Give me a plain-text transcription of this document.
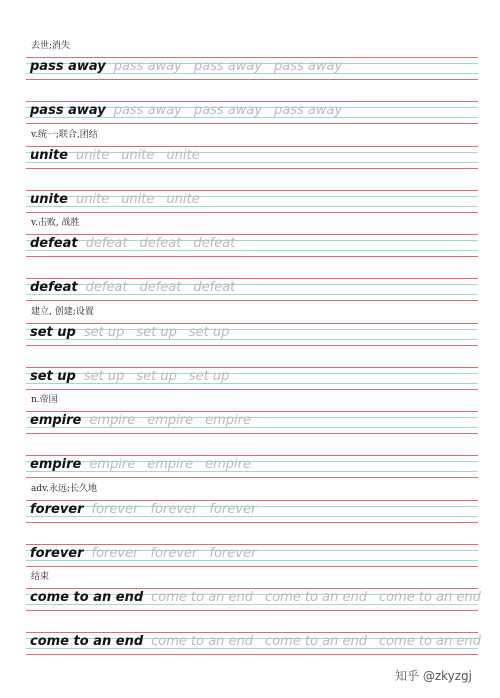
去世;消失
pass away pass away pass away pass away
pass away pass away pass away pass away
v.统一;联合,团结
unite unite unite unite
unite unite unite unite
v.击败, 战胜
defeat defeat defeat defeat
defeat defeat defeat defeat
建立, 创建;设置
set up set up set up set up
set up set up set up set up
n.帝国
empire empire empire empire
empire empire empire empire
adv.永远;长久地
forever forever forever forever
forever forever forever forever
结束
come to an end come to an end come to an end come to an end
come to an end come to an end come to an end come to an end
知乎 @zkyzgj
